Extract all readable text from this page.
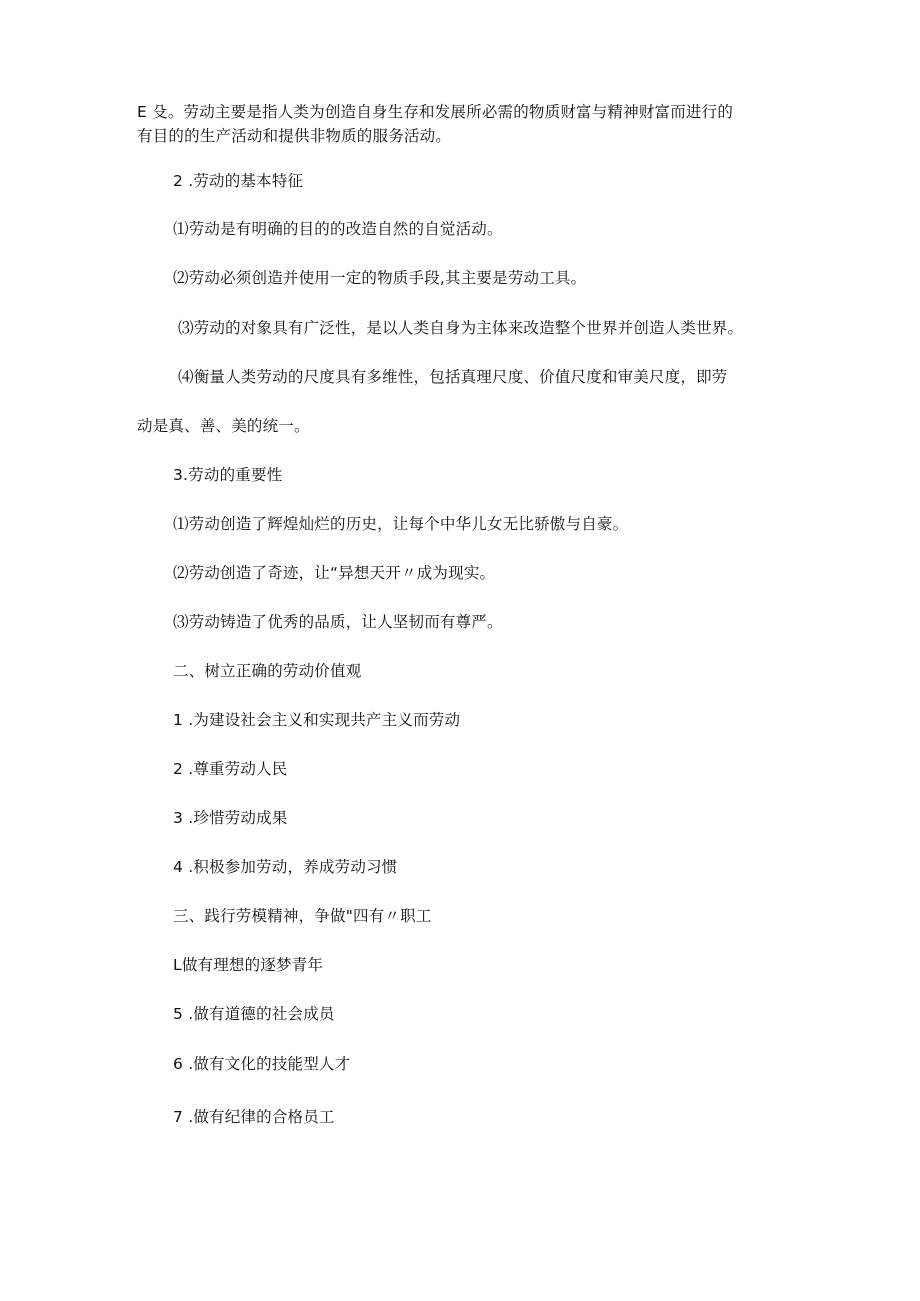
E 殳。劳动主要是指人类为创造自身生存和发展所必需的物质财富与精神财富而进行的
有目的的生产活动和提供非物质的服务活动。
2 .劳动的基本特征
⑴劳动是有明确的目的的改造自然的自觉活动。
⑵劳动必须创造并使用一定的物质手段,其主要是劳动工具。
⑶劳动的对象具有广泛性，是以人类自身为主体来改造整个世界并创造人类世界。
⑷衡量人类劳动的尺度具有多维性，包括真理尺度、价值尺度和审美尺度，即劳
动是真、善、美的统一。
3.劳动的重要性
⑴劳动创造了辉煌灿烂的历史，让每个中华儿女无比骄傲与自豪。
⑵劳动创造了奇迹，让“异想天开〃成为现实。
⑶劳动铸造了优秀的品质，让人坚韧而有尊严。
二、树立正确的劳动价值观
1 .为建设社会主义和实现共产主义而劳动
2 .尊重劳动人民
3 .珍惜劳动成果
4 .积极参加劳动，养成劳动习惯
三、践行劳模精神，争做"四有〃职工
L做有理想的逐梦青年
5 .做有道德的社会成员
6 .做有文化的技能型人才
7 .做有纪律的合格员工
